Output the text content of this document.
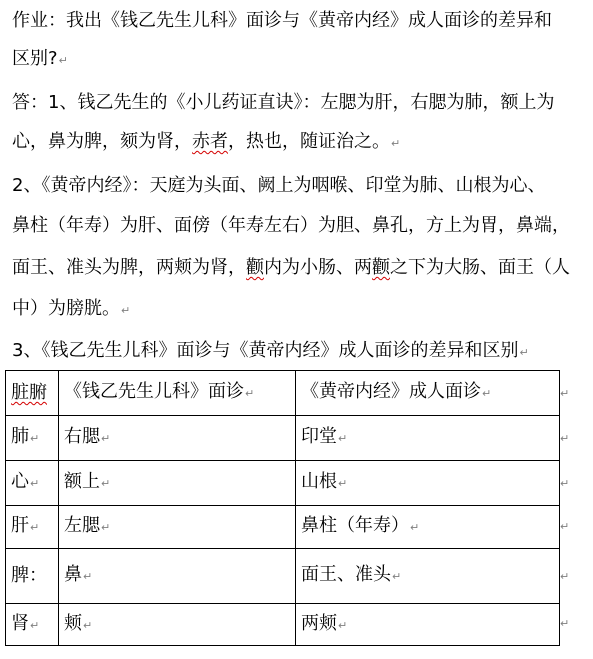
作业：我出《钱乙先生儿科》面诊与《黄帝内经》成人面诊的差异和
区别?↵
答：1、钱乙先生的《小儿药证直诀》：左腮为肝，右腮为肺，额上为
心，鼻为脾，颏为肾，赤者，热也，随证治之。↵
2、《黄帝内经》：天庭为头面、阙上为咽喉、印堂为肺、山根为心、
鼻柱（年寿）为肝、面傍（年寿左右）为胆、鼻孔，方上为胃，鼻端，
面王、准头为脾，两颊为肾，颧内为小肠、两颧之下为大肠、面王（人
中）为膀胱。↵
3、《钱乙先生儿科》面诊与《黄帝内经》成人面诊的差异和区别↵
脏腑	《钱乙先生儿科》面诊↵	《黄帝内经》成人面诊↵
肺↵	右腮↵	印堂↵
心↵	额上↵	山根↵
肝↵	左腮↵	鼻柱（年寿）↵
脾：	鼻↵	面王、准头↵
肾↵	颊↵	两颊↵
↵
↵
↵
↵
↵
↵
